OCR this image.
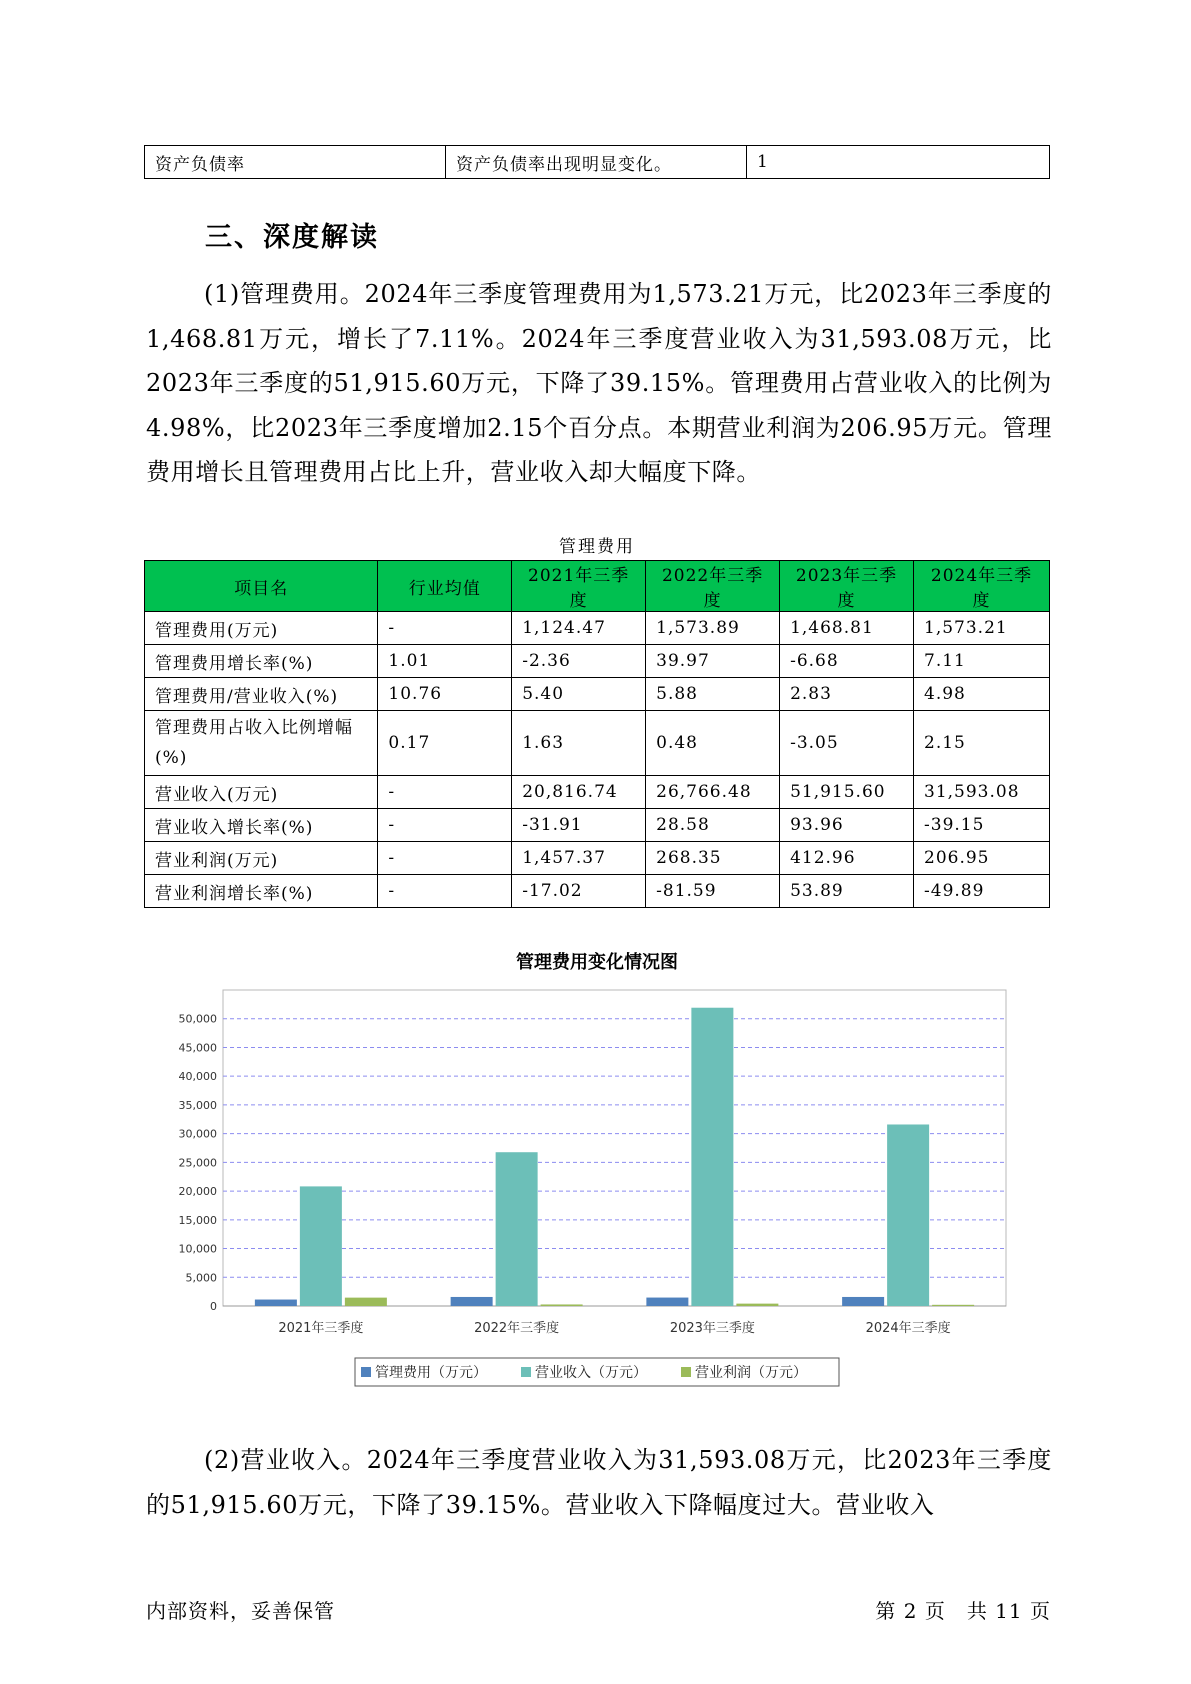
资产负债率	资产负债率出现明显变化。	1
三、深度解读
(1)管理费用。2024年三季度管理费用为1,573.21万元，比2023年三季度的1,468.81万元，增长了7.11%。2024年三季度营业收入为31,593.08万元，比2023年三季度的51,915.60万元，下降了39.15%。管理费用占营业收入的比例为4.98%，比2023年三季度增加2.15个百分点。本期营业利润为206.95万元。管理费用增长且管理费用占比上升，营业收入却大幅度下降。
管理费用
项目名	行业均值	2021年三季度	2022年三季度	2023年三季度	2024年三季度
管理费用(万元)	-	1,124.47	1,573.89	1,468.81	1,573.21
管理费用增长率(%)	1.01	-2.36	39.97	-6.68	7.11
管理费用/营业收入(%)	10.76	5.40	5.88	2.83	4.98
管理费用占收入比例增幅(%)	0.17	1.63	0.48	-3.05	2.15
营业收入(万元)	-	20,816.74	26,766.48	51,915.60	31,593.08
营业收入增长率(%)	-	-31.91	28.58	93.96	-39.15
营业利润(万元)	-	1,457.37	268.35	412.96	206.95
营业利润增长率(%)	-	-17.02	-81.59	53.89	-49.89
管理费用变化情况图
0
5,000
10,000
15,000
20,000
25,000
30,000
35,000
40,000
45,000
50,000
2021年三季度	2022年三季度	2023年三季度	2024年三季度
管理费用（万元）	营业收入（万元）	营业利润（万元）
(2)营业收入。2024年三季度营业收入为31,593.08万元，比2023年三季度的51,915.60万元，下降了39.15%。营业收入下降幅度过大。营业收入
内部资料，妥善保管	第 2 页　共 11 页
